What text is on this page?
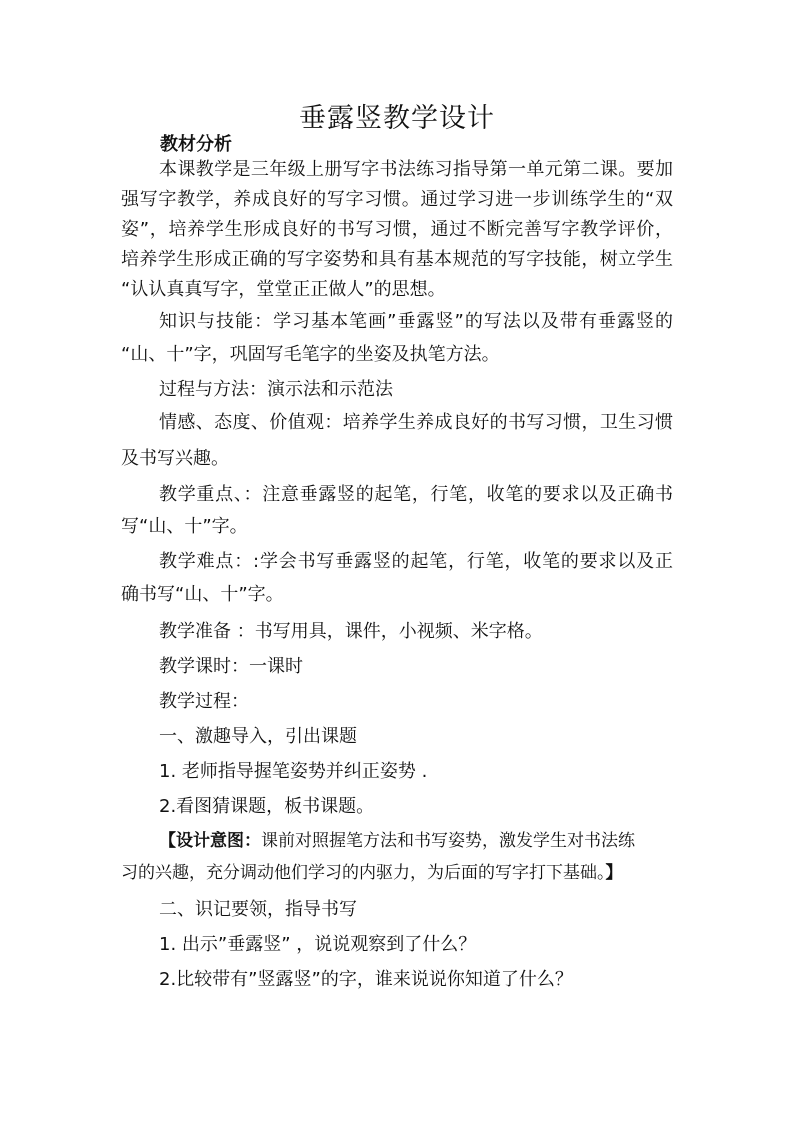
垂露竖教学设计
教材分析
本课教学是三年级上册写字书法练习指导第一单元第二课。要加
强写字教学，养成良好的写字习惯。通过学习进一步训练学生的“双
姿”，培养学生形成良好的书写习惯，通过不断完善写字教学评价，
培养学生形成正确的写字姿势和具有基本规范的写字技能，树立学生
“认认真真写字，堂堂正正做人”的思想。
知识与技能：学习基本笔画”垂露竖”的写法以及带有垂露竖的
“山、十”字，巩固写毛笔字的坐姿及执笔方法。
过程与方法：演示法和示范法
情感、态度、价值观：培养学生养成良好的书写习惯，卫生习惯
及书写兴趣。
教学重点、：注意垂露竖的起笔，行笔，收笔的要求以及正确书
写“山、十”字。
教学难点：:学会书写垂露竖的起笔，行笔，收笔的要求以及正
确书写“山、十”字。
教学准备 ：书写用具，课件，小视频、米字格。
教学课时：一课时
教学过程：
一、激趣导入，引出课题
1. 老师指导握笔姿势并纠正姿势 .
2.看图猜课题，板书课题。
【设计意图：课前对照握笔方法和书写姿势，激发学生对书法练
习的兴趣，充分调动他们学习的内驱力，为后面的写字打下基础。】
二、识记要领，指导书写
1. 出示”垂露竖” ，说说观察到了什么？
2.比较带有”竖露竖”的字，谁来说说你知道了什么？
